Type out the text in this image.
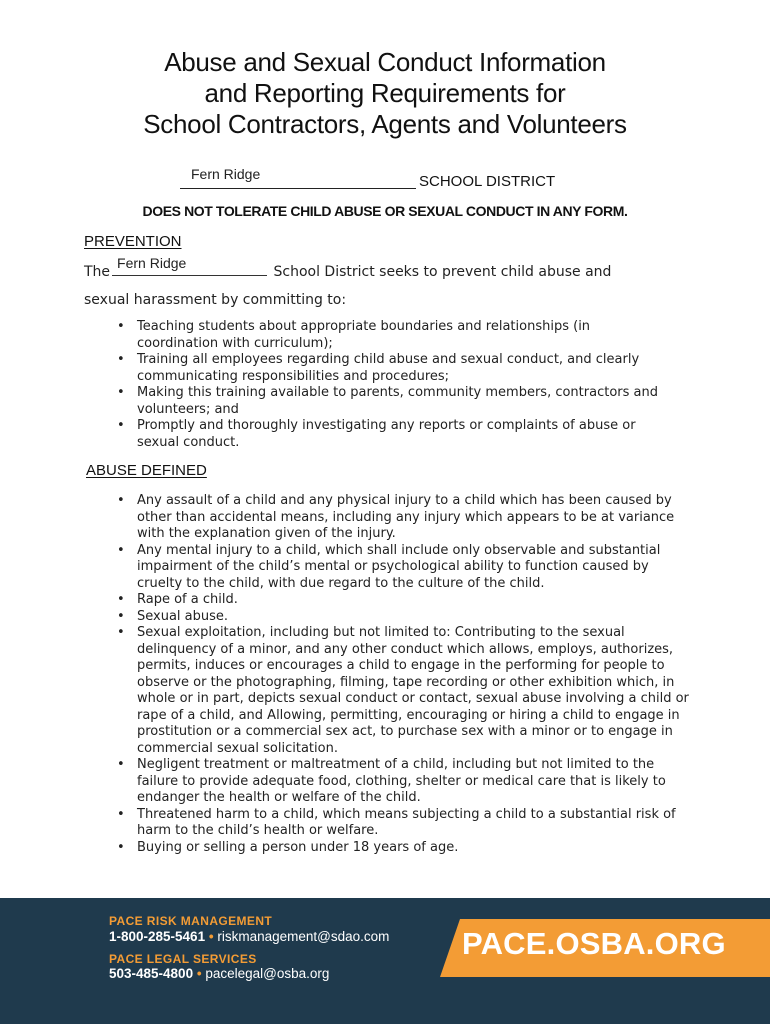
Abuse and Sexual Conduct Information
and Reporting Requirements for
School Contractors, Agents and Volunteers
Fern Ridge	SCHOOL DISTRICT
DOES NOT TOLERATE CHILD ABUSE OR SEXUAL CONDUCT IN ANY FORM.
PREVENTION
The
Fern Ridge
School District seeks to prevent child abuse and
sexual harassment by committing to:
• Teaching students about appropriate boundaries and relationships (in coordination with curriculum);
• Training all employees regarding child abuse and sexual conduct, and clearly communicating responsibilities and procedures;
• Making this training available to parents, community members, contractors and volunteers; and
• Promptly and thoroughly investigating any reports or complaints of abuse or sexual conduct.
ABUSE DEFINED
• Any assault of a child and any physical injury to a child which has been caused by other than accidental means, including any injury which appears to be at variance with the explanation given of the injury.
• Any mental injury to a child, which shall include only observable and substantial impairment of the child’s mental or psychological ability to function caused by cruelty to the child, with due regard to the culture of the child.
• Rape of a child.
• Sexual abuse.
• Sexual exploitation, including but not limited to: Contributing to the sexual delinquency of a minor, and any other conduct which allows, employs, authorizes, permits, induces or encourages a child to engage in the performing for people to observe or the photographing, filming, tape recording or other exhibition which, in whole or in part, depicts sexual conduct or contact, sexual abuse involving a child or rape of a child, and Allowing, permitting, encouraging or hiring a child to engage in prostitution or a commercial sex act, to purchase sex with a minor or to engage in commercial sexual solicitation.
• Negligent treatment or maltreatment of a child, including but not limited to the failure to provide adequate food, clothing, shelter or medical care that is likely to endanger the health or welfare of the child.
• Threatened harm to a child, which means subjecting a child to a substantial risk of harm to the child’s health or welfare.
• Buying or selling a person under 18 years of age.
PACE RISK MANAGEMENT
1-800-285-5461 • riskmanagement@sdao.com
PACE LEGAL SERVICES
503-485-4800 • pacelegal@osba.org
PACE.OSBA.ORG
